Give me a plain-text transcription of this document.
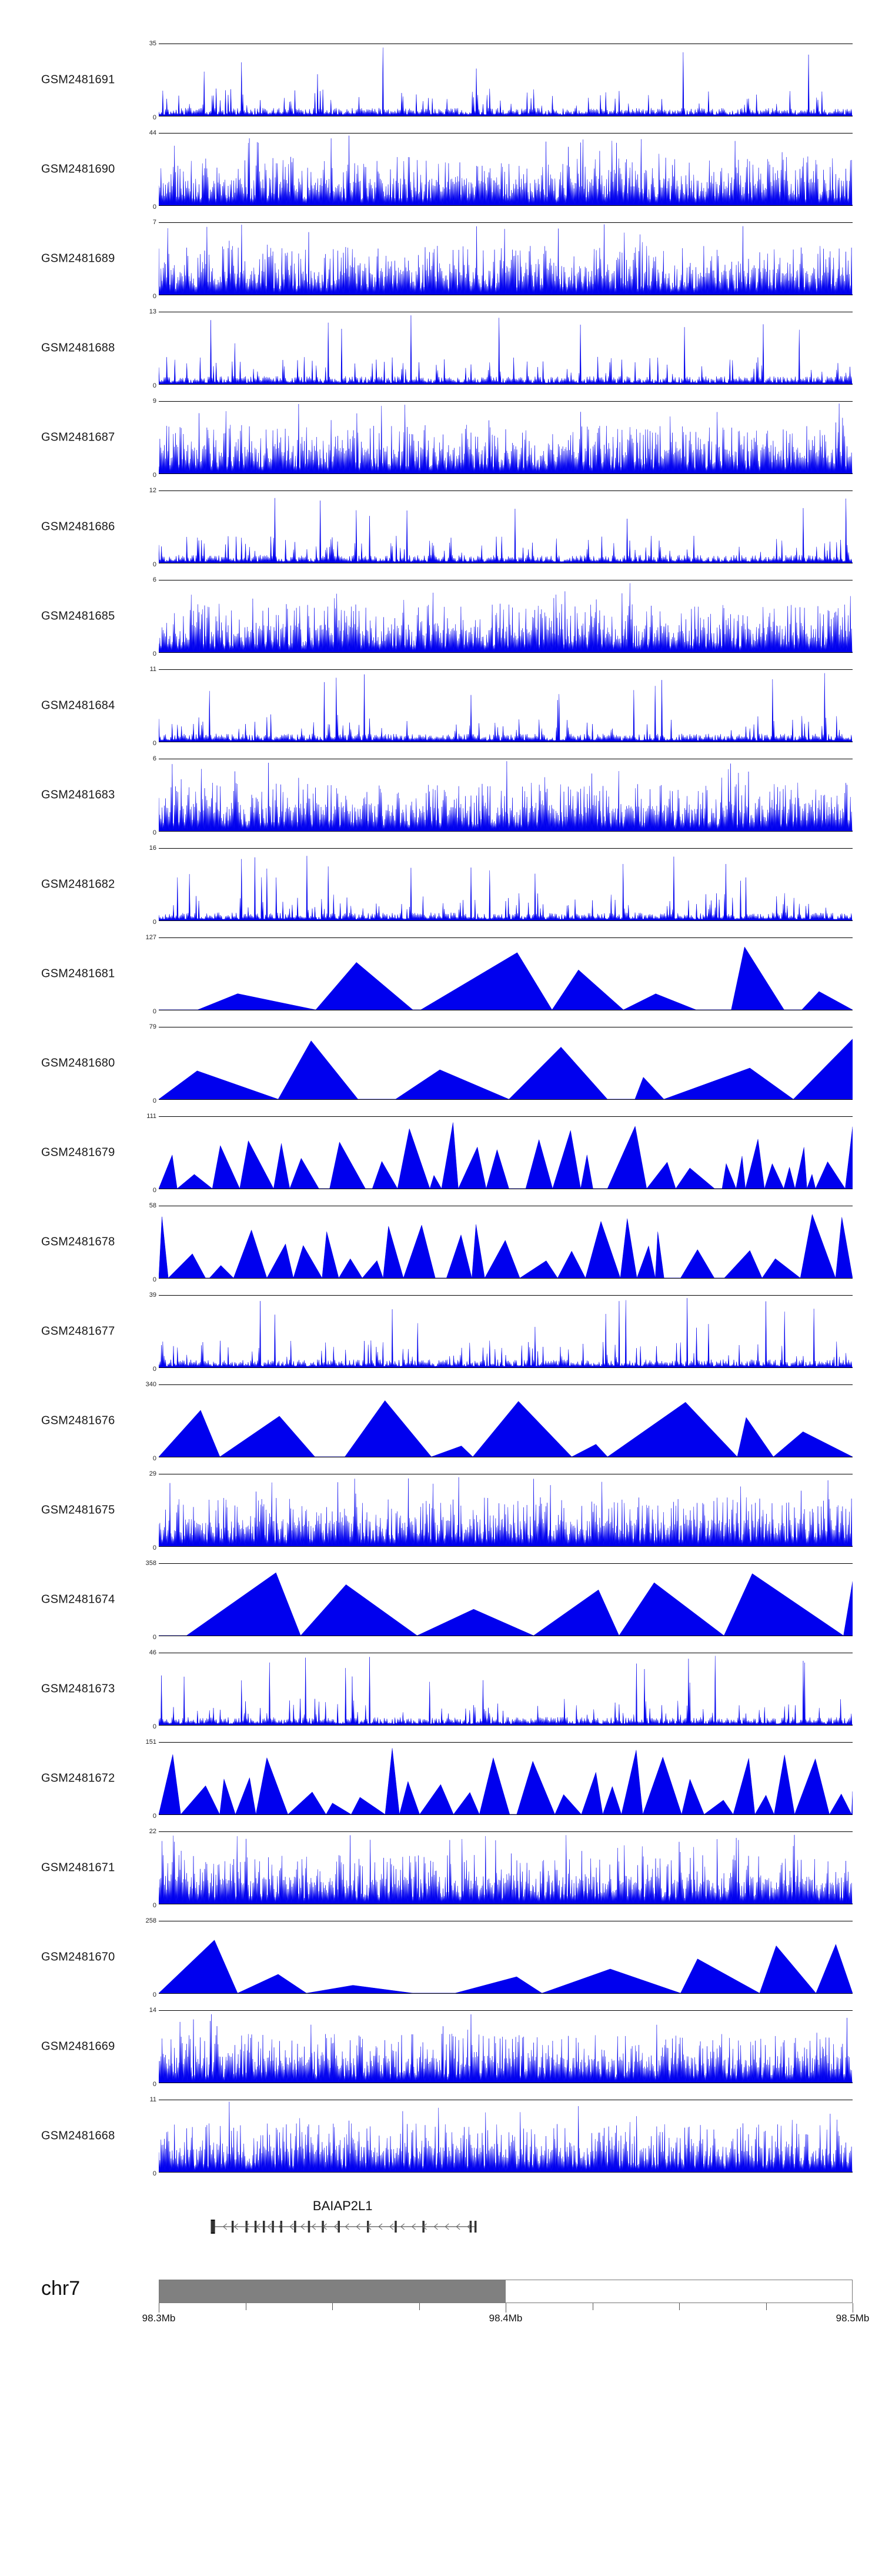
GSM2481691
35
0
GSM2481690
44
0
GSM2481689
7
0
GSM2481688
13
0
GSM2481687
9
0
GSM2481686
12
0
GSM2481685
6
0
GSM2481684
11
0
GSM2481683
6
0
GSM2481682
16
0
GSM2481681
127
0
GSM2481680
79
0
GSM2481679
111
0
GSM2481678
58
0
GSM2481677
39
0
GSM2481676
340
0
GSM2481675
29
0
GSM2481674
358
0
GSM2481673
46
0
GSM2481672
151
0
GSM2481671
22
0
GSM2481670
258
0
GSM2481669
14
0
GSM2481668
11
0
BAIAP2L1
chr7
98.3Mb	98.4Mb	98.5Mb
